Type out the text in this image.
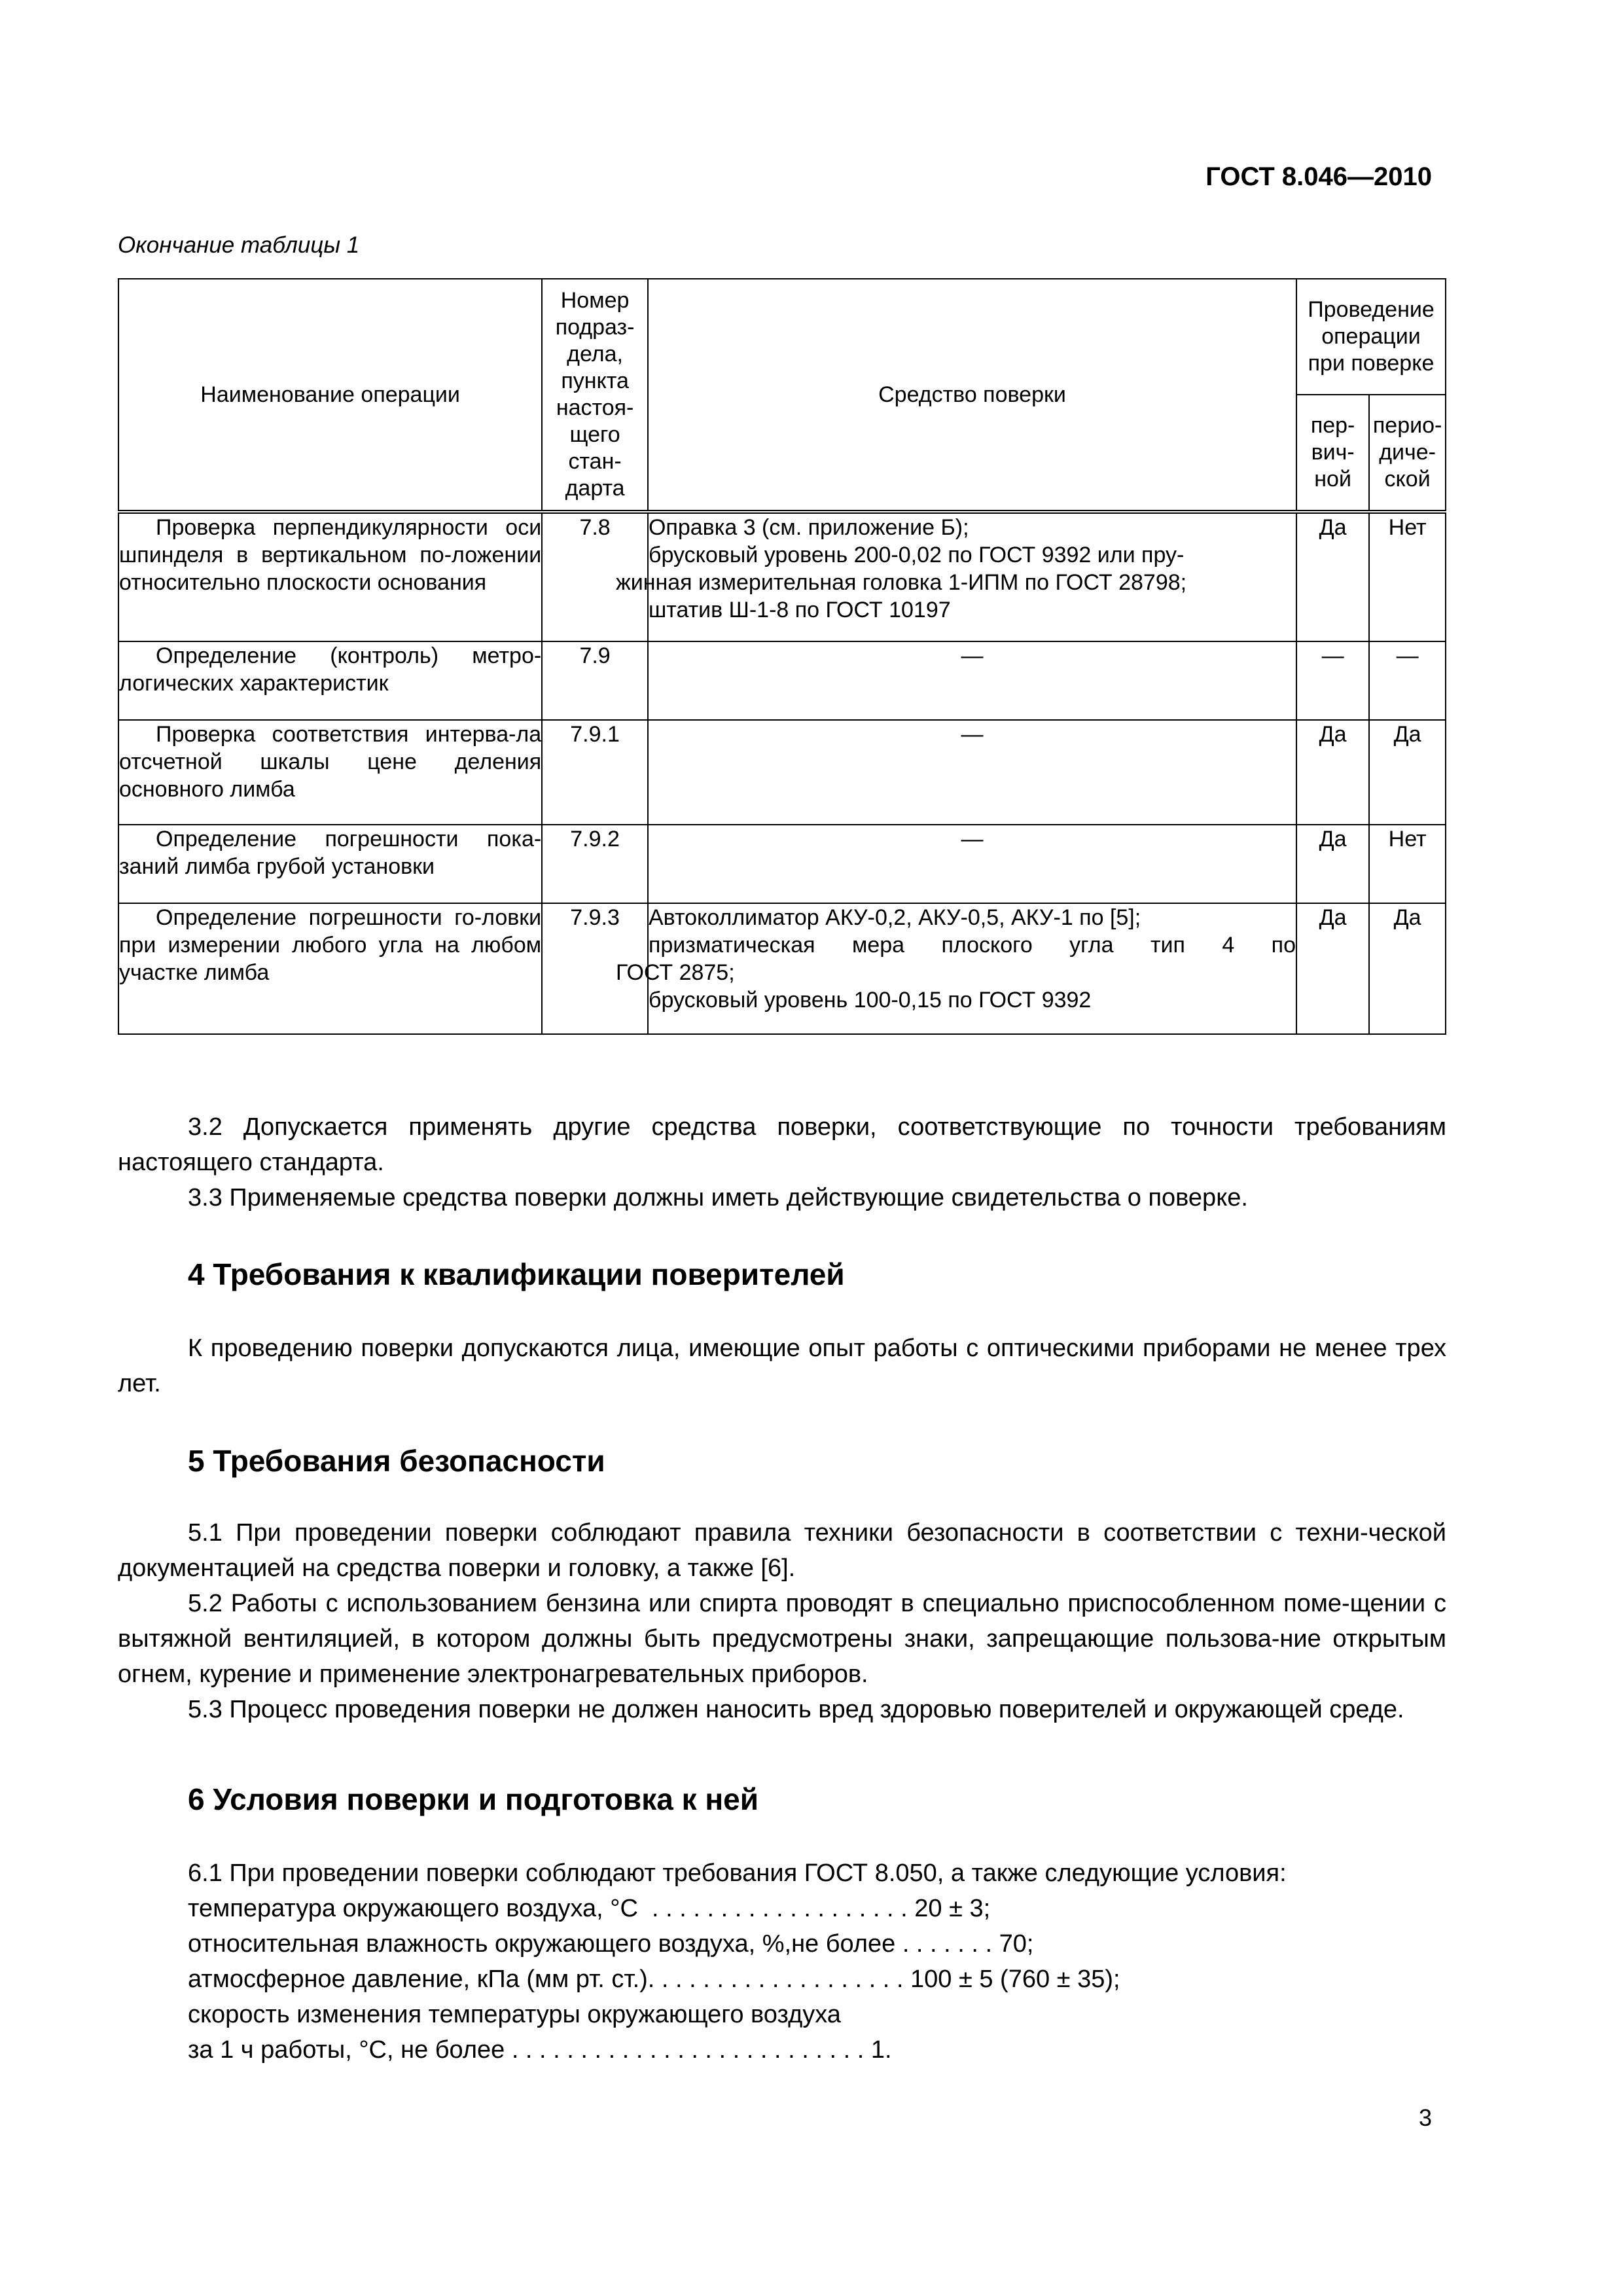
ГОСТ 8.046—2010
Окончание таблицы 1
Наименование операции	Номер подраз-дела, пункта настоя-щего стан-дарта	Средство поверки	Проведение операции при поверке	
			пер-вич-ной	перио-диче-ской

Проверка перпендикулярности оси шпинделя в вертикальном по-ложении относительно плоскости основания	7.8	Оправка 3 (см. приложение Б);
брусковый уровень 200-0,02 по ГОСТ 9392 или пру-
жинная измерительная головка 1-ИПМ по ГОСТ 28798;
штатив Ш-1-8 по ГОСТ 10197	Да	Нет

Определение (контроль) метро-логических характеристик	7.9	—	—	—

Проверка соответствия интерва-ла отсчетной шкалы цене деления основного лимба	7.9.1	—	Да	Да

Определение погрешности пока-заний лимба грубой установки	7.9.2	—	Да	Нет

Определение погрешности го-ловки при измерении любого угла на любом участке лимба	7.9.3	Автоколлиматор АКУ-0,2, АКУ-0,5, АКУ-1 по [5];
призматическая мера плоского угла тип 4 по
ГОСТ 2875;
брусковый уровень 100-0,15 по ГОСТ 9392	Да	Да

3.2 Допускается применять другие средства поверки, соответствующие по точности требованиям настоящего стандарта.

3.3 Применяемые средства поверки должны иметь действующие свидетельства о поверке.

4 Требования к квалификации поверителей

К проведению поверки допускаются лица, имеющие опыт работы с оптическими приборами не менее трех лет.

5 Требования безопасности

5.1 При проведении поверки соблюдают правила техники безопасности в соответствии с техни-ческой документацией на средства поверки и головку, а также [6].

5.2 Работы с использованием бензина или спирта проводят в специально приспособленном поме-щении с вытяжной вентиляцией, в котором должны быть предусмотрены знаки, запрещающие пользова-ние открытым огнем, курение и применение электронагревательных приборов.

5.3 Процесс проведения поверки не должен наносить вред здоровью поверителей и окружающей среде.

6 Условия поверки и подготовка к ней

6.1 При проведении поверки соблюдают требования ГОСТ 8.050, а также следующие условия:

температура окружающего воздуха, °С  . . . . . . . . . . . . . . . . . . . 20 ± 3;
относительная влажность окружающего воздуха, %,не более . . . . . . . 70;
атмосферное давление, кПа (мм рт. ст.). . . . . . . . . . . . . . . . . . . 100 ± 5 (760 ± 35);
скорость изменения температуры окружающего воздуха
за 1 ч работы, °С, не более . . . . . . . . . . . . . . . . . . . . . . . . . . 1.
3
